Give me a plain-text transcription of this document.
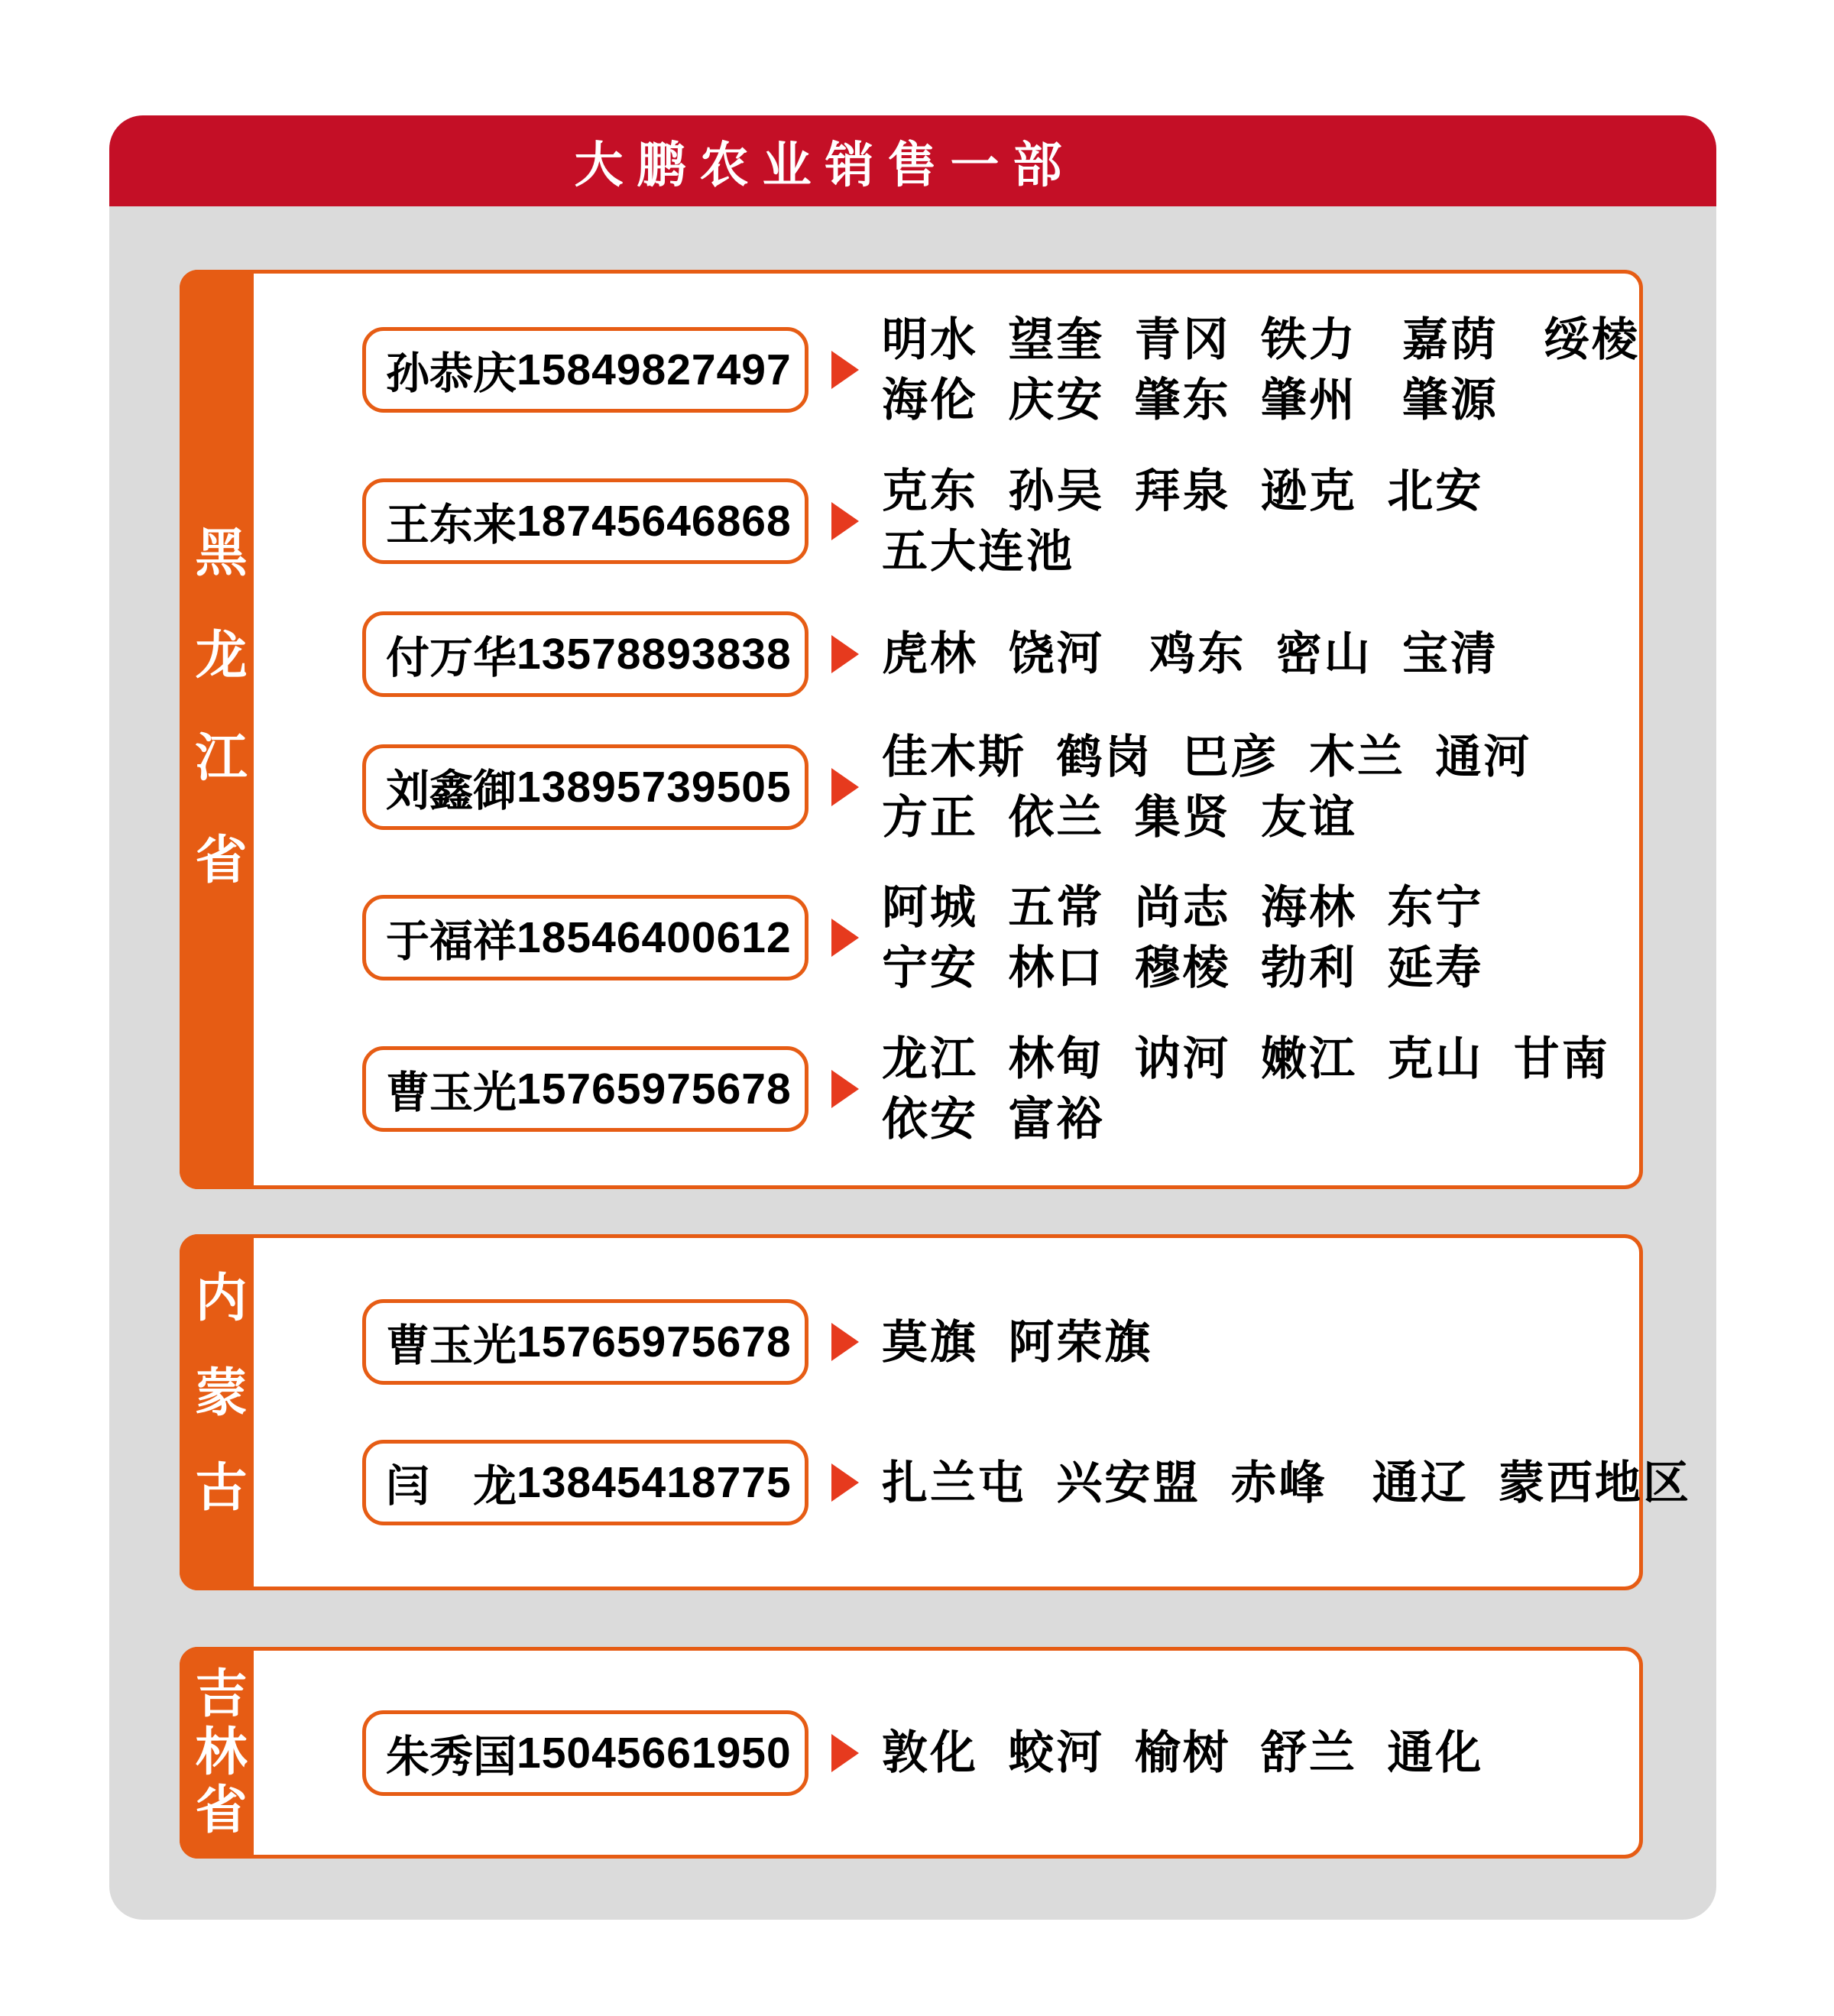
大鹏农业销售一部
黑龙江省
孙恭庆 15849827497
明水  望奎  青冈  铁力   嘉荫   绥棱
海伦  庆安  肇东  肇州   肇源
王东来 18745646868
克东  孙吴  拜泉  逊克  北安
五大连池
付万华 13578893838 虎林  饶河   鸡东  密山  宝清
刘鑫御 13895739505
佳木斯  鹤岗  巴彦  木兰  通河
方正  依兰  集贤  友谊
于福祥 18546400612
阿城  五常  尚志  海林  东宁
宁安  林口  穆棱  勃利  延寿
曹玉光 15765975678
龙江  林甸  讷河  嫩江  克山  甘南
依安  富裕
内蒙古	曹玉光 15765975678 莫旗  阿荣旗
闫　龙 13845418775 扎兰屯  兴安盟  赤峰   通辽  蒙西地区
吉林省	朱秀国 15045661950 敦化  蛟河  榆树  舒兰  通化
